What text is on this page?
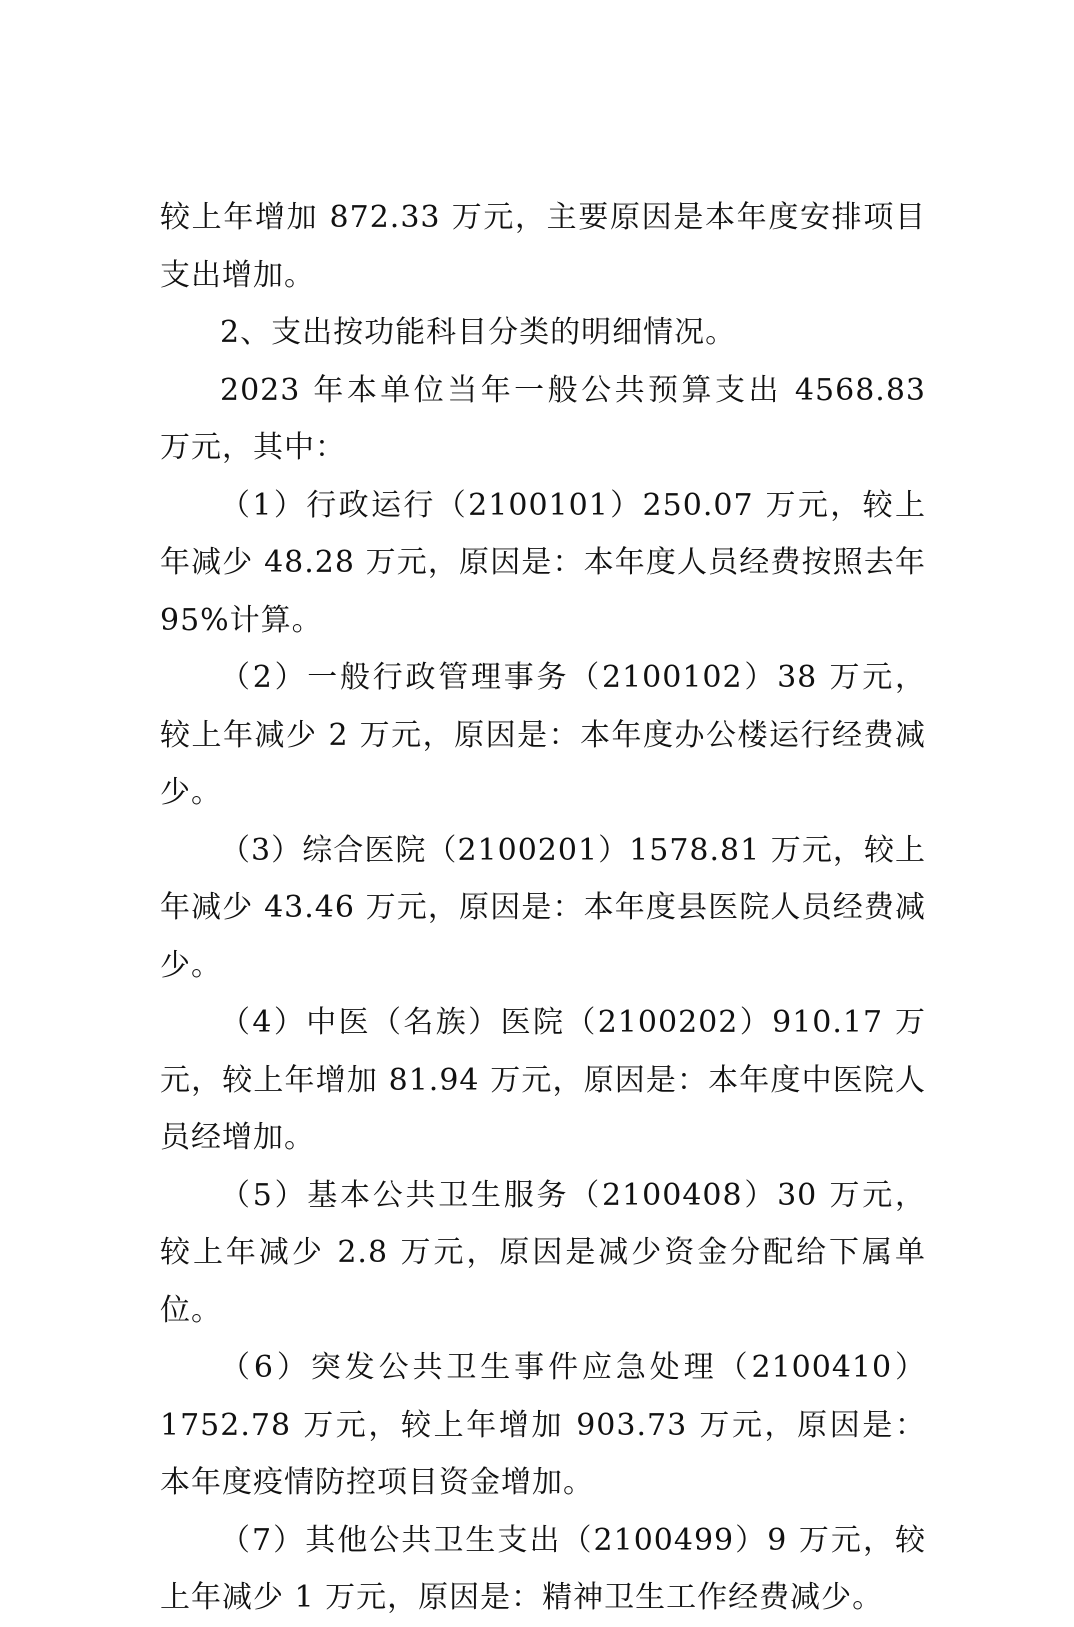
较上年增加 872.33 万元，主要原因是本年度安排项目支出增加。

2、支出按功能科目分类的明细情况。

2023 年本单位当年一般公共预算支出 4568.83 万元，其中：

（1）行政运行（2100101）250.07 万元，较上年减少 48.28 万元，原因是：本年度人员经费按照去年 95%计算。

（2）一般行政管理事务（2100102）38 万元，较上年减少 2 万元，原因是：本年度办公楼运行经费减少。

（3）综合医院（2100201）1578.81 万元，较上年减少 43.46 万元，原因是：本年度县医院人员经费减少。

（4）中医（名族）医院（2100202）910.17 万元，较上年增加 81.94 万元，原因是：本年度中医院人员经增加。

（5）基本公共卫生服务（2100408）30 万元，较上年减少 2.8 万元，原因是减少资金分配给下属单位。

（6）突发公共卫生事件应急处理（2100410）1752.78 万元，较上年增加 903.73 万元，原因是：本年度疫情防控项目资金增加。

（7）其他公共卫生支出（2100499）9 万元，较上年减少 1 万元，原因是：精神卫生工作经费减少。
